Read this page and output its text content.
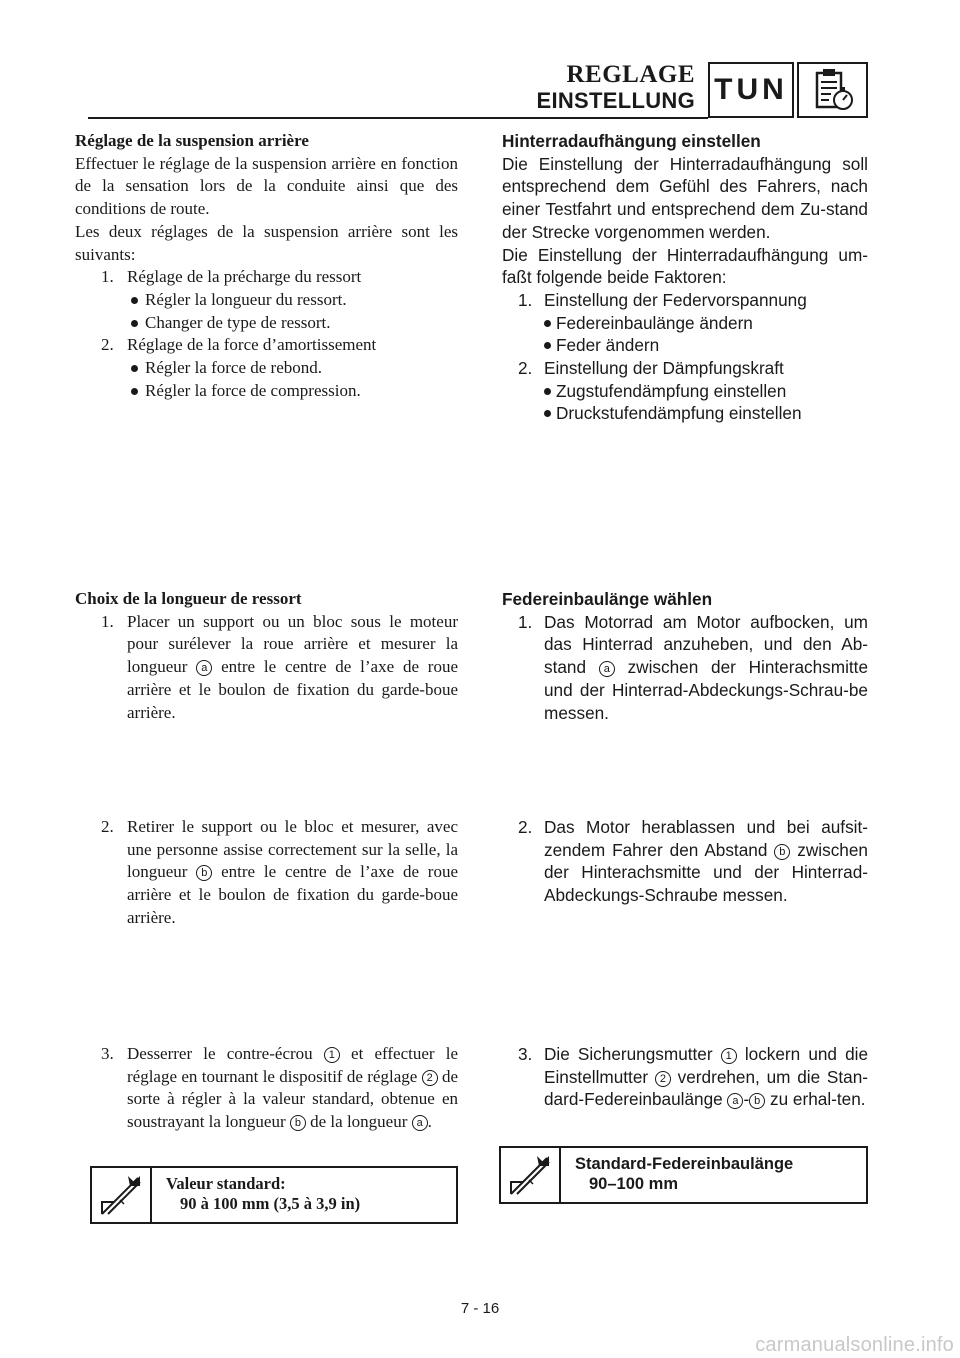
REGLAGE
EINSTELLUNG TUN

Réglage de la suspension arrière

Effectuer le réglage de la suspension arrière en fonction de la sensation lors de la conduite ainsi que des conditions de route.

Les deux réglages de la suspension arrière sont les suivants:

1. Réglage de la précharge du ressort
Régler la longueur du ressort.
Changer de type de ressort.
2. Réglage de la force d’amortissement
Régler la force de rebond.
Régler la force de compression.

Hinterradaufhängung einstellen

Die Einstellung der Hinterradaufhängung soll entsprechend dem Gefühl des Fahrers, nach einer Testfahrt und entsprechend dem Zu-stand der Strecke vorgenommen werden.

Die Einstellung der Hinterradaufhängung um-faßt folgende beide Faktoren:

1. Einstellung der Federvorspannung
Federeinbaulänge ändern
Feder ändern
2. Einstellung der Dämpfungskraft
Zugstufendämpfung einstellen
Druckstufendämpfung einstellen

Choix de la longueur de ressort

1. Placer un support ou un bloc sous le moteur pour surélever la roue arrière et mesurer la longueur a entre le centre de l’axe de roue arrière et le boulon de fixation du garde-boue arrière.

Federeinbaulänge wählen

1. Das Motorrad am Motor aufbocken, um das Hinterrad anzuheben, und den Ab-stand a zwischen der Hinterachsmitte und der Hinterrad-Abdeckungs-Schrau-be messen.
2. Retirer le support ou le bloc et mesurer, avec une personne assise correctement sur la selle, la longueur b entre le centre de l’axe de roue arrière et le boulon de fixation du garde-boue arrière.
2. Das Motor herablassen und bei aufsit-zendem Fahrer den Abstand b zwischen der Hinterachsmitte und der Hinterrad-Abdeckungs-Schraube messen.
3. Desserrer le contre-écrou 1 et effectuer le réglage en tournant le dispositif de réglage 2 de sorte à régler à la valeur standard, obtenue en soustrayant la longueur b de la longueur a .
3. Die Sicherungsmutter 1 lockern und die Einstellmutter 2 verdrehen, um die Stan-dard-Federeinbaulänge a - b zu erhal-ten.
Valeur standard:
90 à 100 mm (3,5 à 3,9 in)
Standard-Federeinbaulänge
90–100 mm
7 - 16
carmanualsonline.info
